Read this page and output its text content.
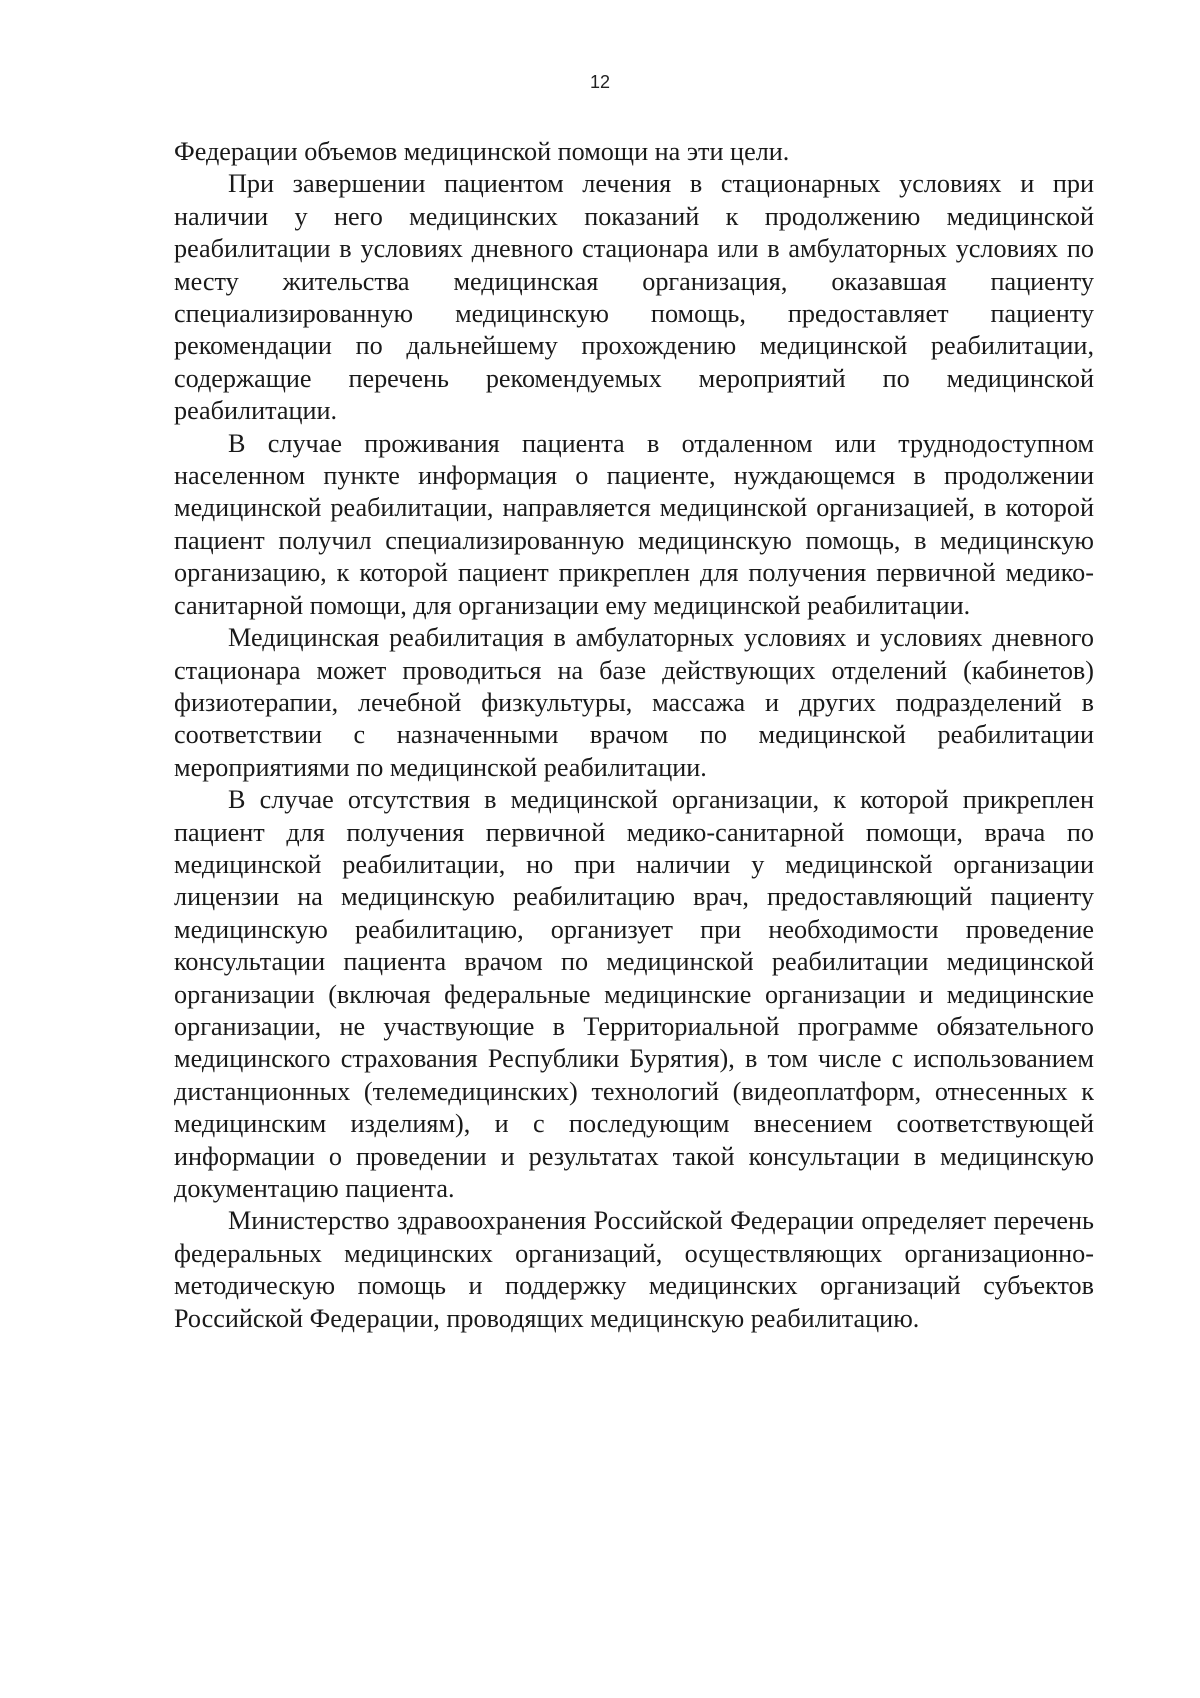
12

Федерации объемов медицинской помощи на эти цели.

При завершении пациентом лечения в стационарных условиях и при наличии у него медицинских показаний к продолжению медицинской реабилитации в условиях дневного стационара или в амбулаторных условиях по месту жительства медицинская организация, оказавшая пациенту специализированную медицинскую помощь, предоставляет пациенту рекомендации по дальнейшему прохождению медицинской реабилитации, содержащие перечень рекомендуемых мероприятий по медицинской реабилитации.

В случае проживания пациента в отдаленном или труднодоступном населенном пункте информация о пациенте, нуждающемся в продолжении медицинской реабилитации, направляется медицинской организацией, в которой пациент получил специализированную медицинскую помощь, в медицинскую организацию, к которой пациент прикреплен для получения первичной медико-санитарной помощи, для организации ему медицинской реабилитации.

Медицинская реабилитация в амбулаторных условиях и условиях дневного стационара может проводиться на базе действующих отделений (кабинетов) физиотерапии, лечебной физкультуры, массажа и других подразделений в соответствии с назначенными врачом по медицинской реабилитации мероприятиями по медицинской реабилитации.

В случае отсутствия в медицинской организации, к которой прикреплен пациент для получения первичной медико-санитарной помощи, врача по медицинской реабилитации, но при наличии у медицинской организации лицензии на медицинскую реабилитацию врач, предоставляющий пациенту медицинскую реабилитацию, организует при необходимости проведение консультации пациента врачом по медицинской реабилитации медицинской организации (включая федеральные медицинские организации и медицинские организации, не участвующие в Территориальной программе обязательного медицинского страхования Республики Бурятия), в том числе с использованием дистанционных (телемедицинских) технологий (видеоплатформ, отнесенных к медицинским изделиям), и с последующим внесением соответствующей информации о проведении и результатах такой консультации в медицинскую документацию пациента.

Министерство здравоохранения Российской Федерации определяет перечень федеральных медицинских организаций, осуществляющих организационно-методическую помощь и поддержку медицинских организаций субъектов Российской Федерации, проводящих медицинскую реабилитацию.
